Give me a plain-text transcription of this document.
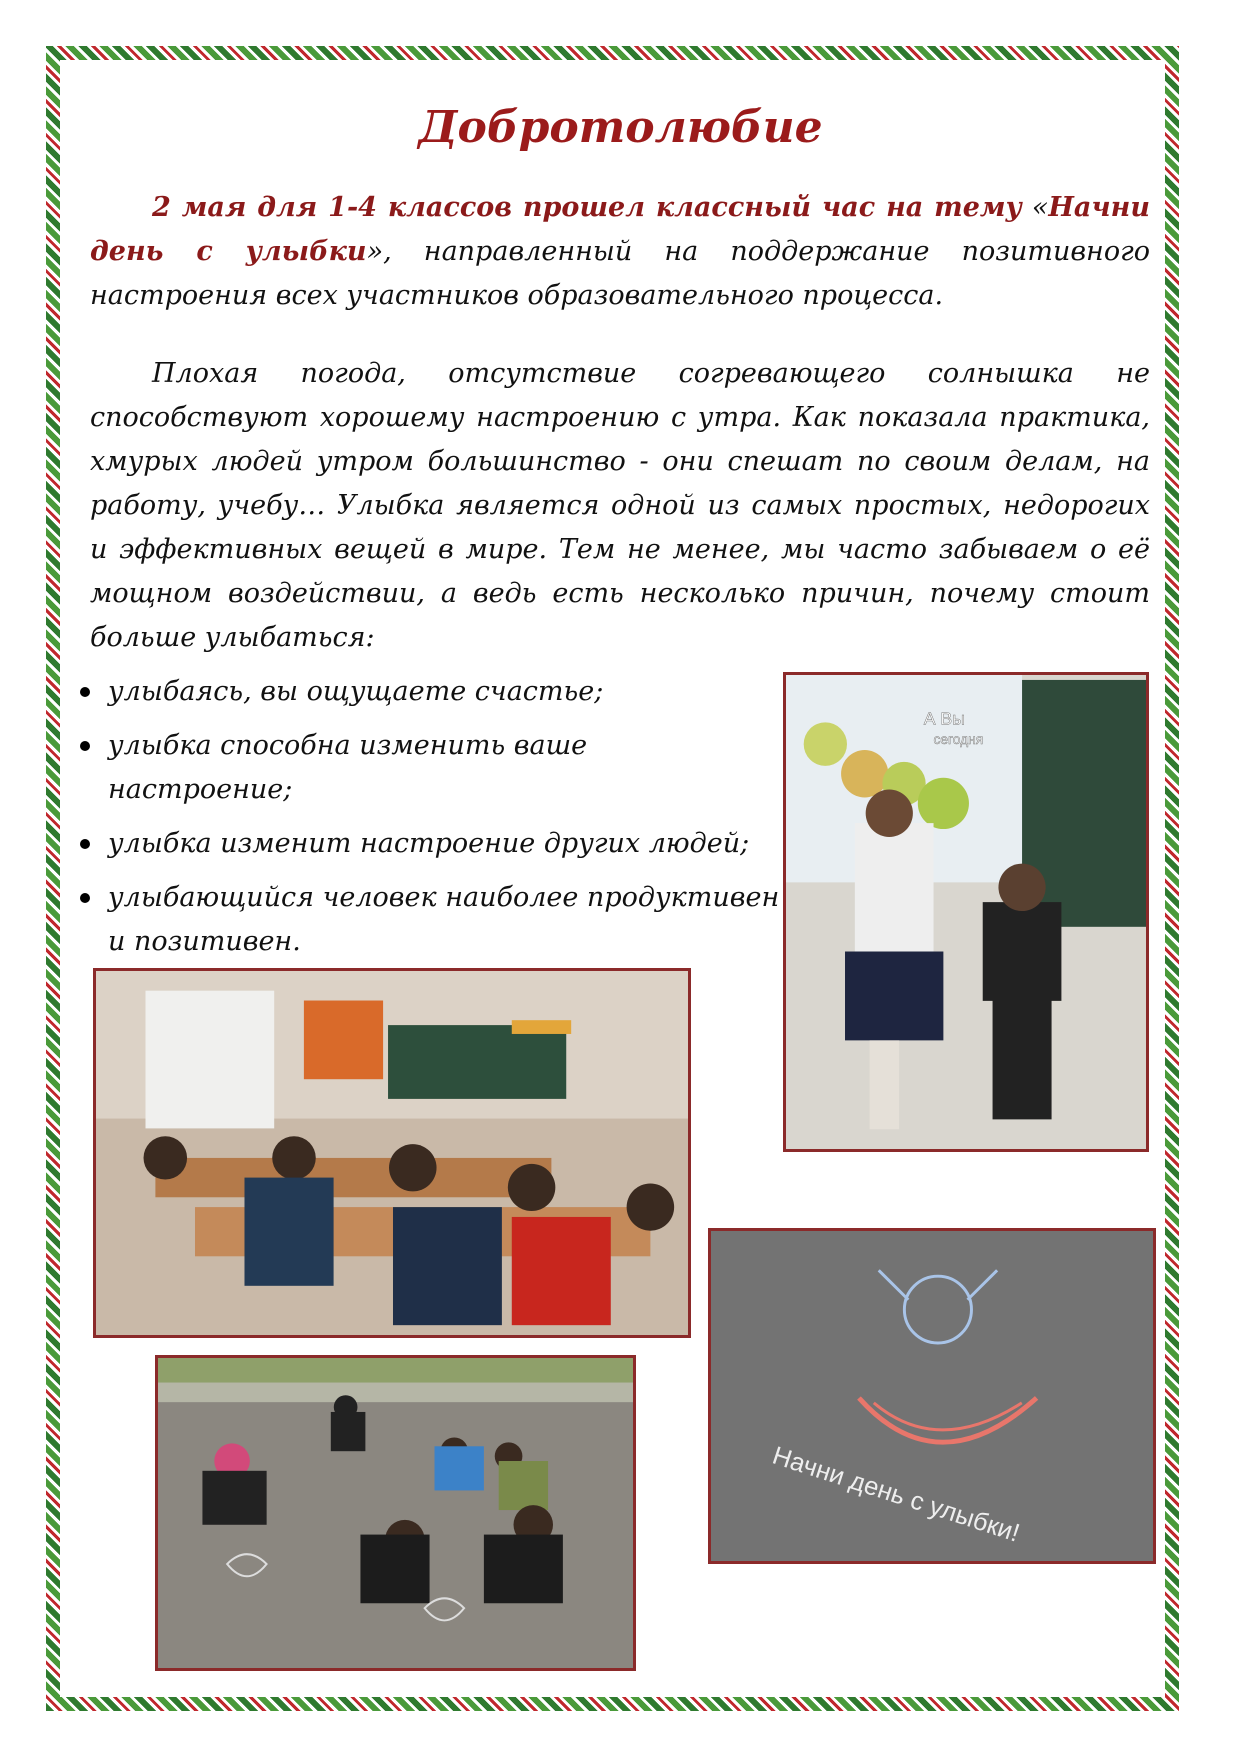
Добротолюбие
2 мая для 1-4 классов прошел классный час на тему «Начни день с улыбки», направленный на поддержание позитивного настроения всех участников образовательного процесса.
Плохая погода, отсутствие согревающего солнышка не способствуют хорошему настроению с утра. Как показала практика, хмурых людей утром большинство - они спешат по своим делам, на работу, учебу… Улыбка является одной из самых простых, недорогих и эффективных вещей в мире. Тем не менее, мы часто забываем о её мощном воздействии, а ведь есть несколько причин, почему стоит больше улыбаться:
улыбаясь, вы ощущаете счастье;
улыбка способна изменить ваше настроение;
улыбка изменит настроение других людей;
улыбающийся человек наиболее продуктивен и позитивен.
А Вы
сегодня
Начни день с улыбки!
